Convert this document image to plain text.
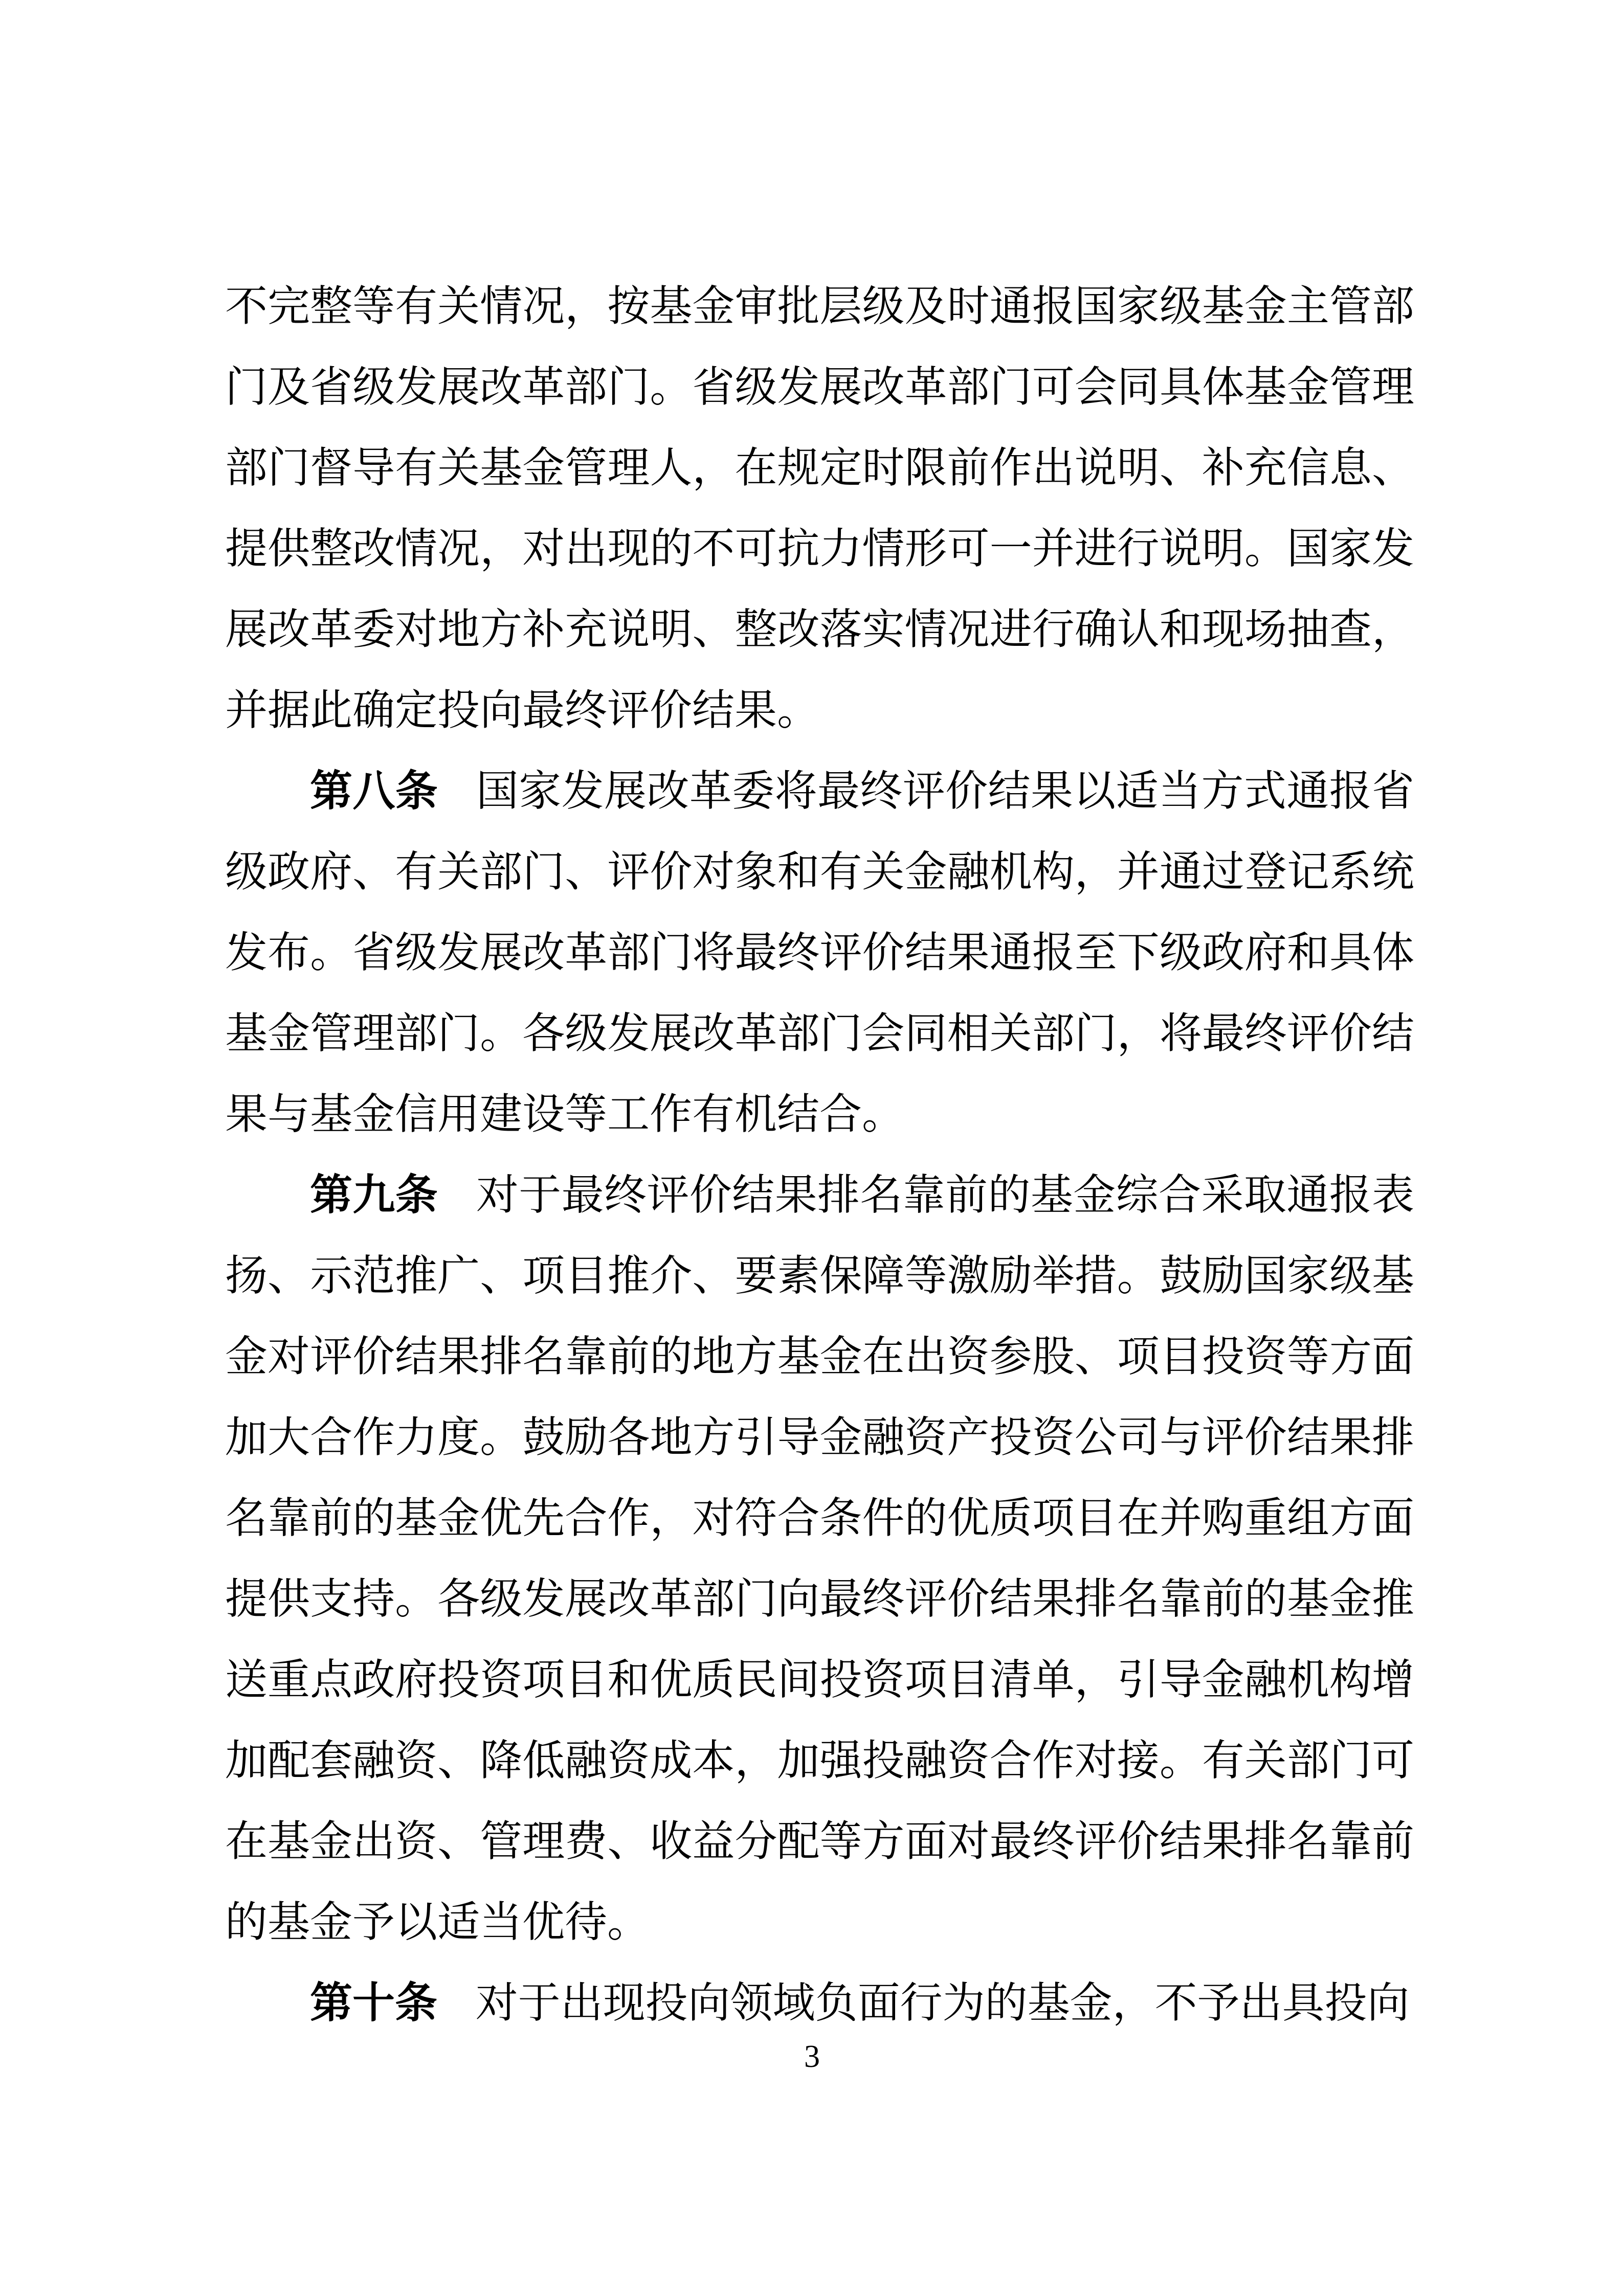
不完整等有关情况，按基金审批层级及时通报国家级基金主管部门及省级发展改革部门。省级发展改革部门可会同具体基金管理部门督导有关基金管理人，在规定时限前作出说明、补充信息、提供整改情况，对出现的不可抗力情形可一并进行说明。国家发展改革委对地方补充说明、整改落实情况进行确认和现场抽查，并据此确定投向最终评价结果。

第八条 国家发展改革委将最终评价结果以适当方式通报省级政府、有关部门、评价对象和有关金融机构，并通过登记系统发布。省级发展改革部门将最终评价结果通报至下级政府和具体基金管理部门。各级发展改革部门会同相关部门，将最终评价结果与基金信用建设等工作有机结合。

第九条 对于最终评价结果排名靠前的基金综合采取通报表扬、示范推广、项目推介、要素保障等激励举措。鼓励国家级基金对评价结果排名靠前的地方基金在出资参股、项目投资等方面加大合作力度。鼓励各地方引导金融资产投资公司与评价结果排名靠前的基金优先合作，对符合条件的优质项目在并购重组方面提供支持。各级发展改革部门向最终评价结果排名靠前的基金推送重点政府投资项目和优质民间投资项目清单，引导金融机构增加配套融资、降低融资成本，加强投融资合作对接。有关部门可在基金出资、管理费、收益分配等方面对最终评价结果排名靠前的基金予以适当优待。

第十条 对于出现投向领域负面行为的基金，不予出具投向

3
